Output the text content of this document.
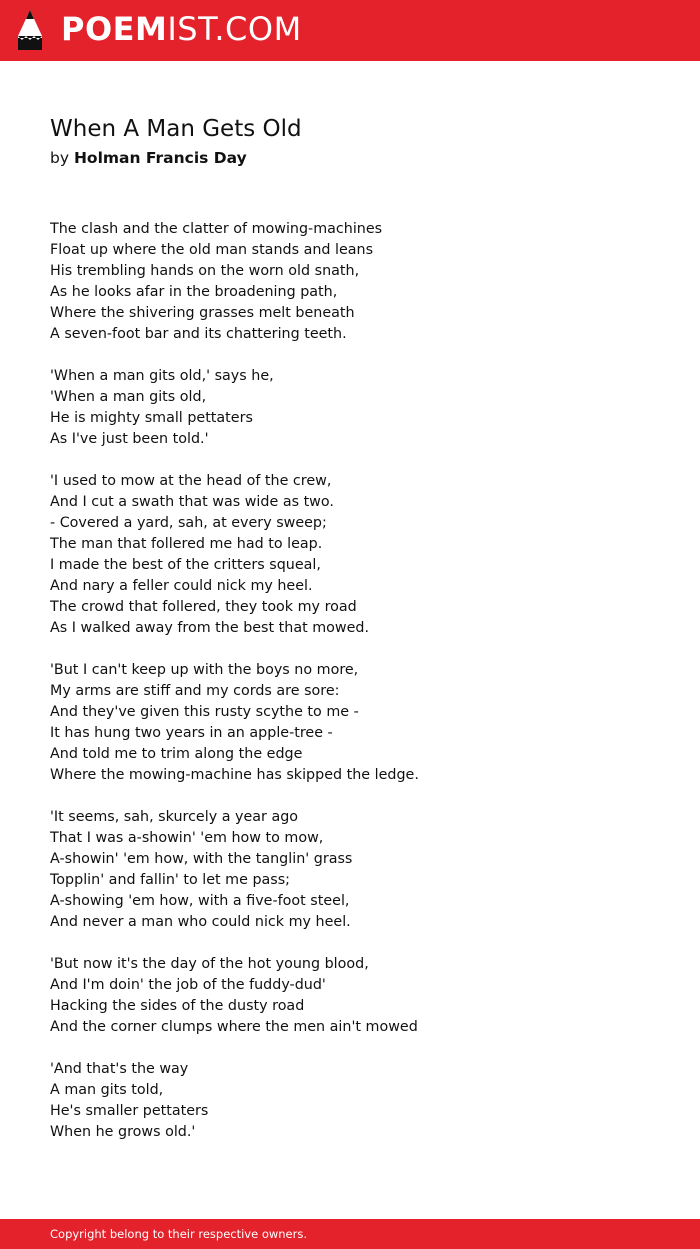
POEMIST.COM
When A Man Gets Old
by Holman Francis Day
The clash and the clatter of mowing-machines
Float up where the old man stands and leans
His trembling hands on the worn old snath,
As he looks afar in the broadening path,
Where the shivering grasses melt beneath
A seven-foot bar and its chattering teeth.
'When a man gits old,' says he,
'When a man gits old,
He is mighty small pettaters
As I've just been told.'
'I used to mow at the head of the crew,
And I cut a swath that was wide as two.
- Covered a yard, sah, at every sweep;
The man that follered me had to leap.
I made the best of the critters squeal,
And nary a feller could nick my heel.
The crowd that follered, they took my road
As I walked away from the best that mowed.
'But I can't keep up with the boys no more,
My arms are stiff and my cords are sore:
And they've given this rusty scythe to me -
It has hung two years in an apple-tree -
And told me to trim along the edge
Where the mowing-machine has skipped the ledge.
'It seems, sah, skurcely a year ago
That I was a-showin' 'em how to mow,
A-showin' 'em how, with the tanglin' grass
Topplin' and fallin' to let me pass;
A-showing 'em how, with a five-foot steel,
And never a man who could nick my heel.
'But now it's the day of the hot young blood,
And I'm doin' the job of the fuddy-dud'
Hacking the sides of the dusty road
And the corner clumps where the men ain't mowed
'And that's the way
A man gits told,
He's smaller pettaters
When he grows old.'
Copyright belong to their respective owners.
